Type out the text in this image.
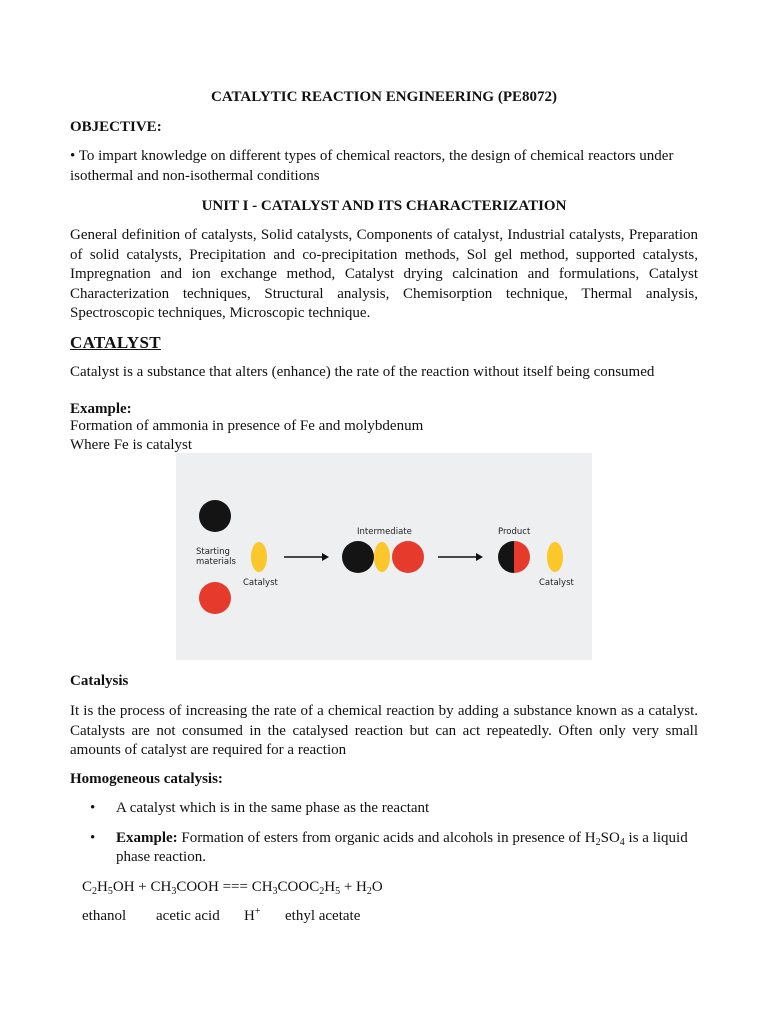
CATALYTIC REACTION ENGINEERING (PE8072)
OBJECTIVE:
• To impart knowledge on different types of chemical reactors, the design of chemical reactors under isothermal and non-isothermal conditions
UNIT I - CATALYST AND ITS CHARACTERIZATION
General definition of catalysts, Solid catalysts, Components of catalyst, Industrial catalysts, Preparation of solid catalysts, Precipitation and co-precipitation methods, Sol gel method, supported catalysts, Impregnation and ion exchange method, Catalyst drying calcination and formulations, Catalyst Characterization techniques, Structural analysis, Chemisorption technique, Thermal analysis, Spectroscopic techniques, Microscopic technique.
CATALYST
Catalyst is a substance that alters (enhance) the rate of the reaction without itself being consumed
Example:
Formation of ammonia in presence of Fe and molybdenum
Where Fe is catalyst
Starting
materials
Catalyst
Intermediate	Product
Catalyst
Catalysis
It is the process of increasing the rate of a chemical reaction by adding a substance known as a catalyst. Catalysts are not consumed in the catalysed reaction but can act repeatedly. Often only very small amounts of catalyst are required for a reaction
Homogeneous catalysis:
• A catalyst which is in the same phase as the reactant
• Example: Formation of esters from organic acids and alcohols in presence of $H_2SO_4$ is a liquid phase reaction.
$C_2H_5OH$ + $CH_3COOH$ === $CH_3COOC_2H_5 + H_2O$
ethanol acetic acid H+ ethyl acetate
